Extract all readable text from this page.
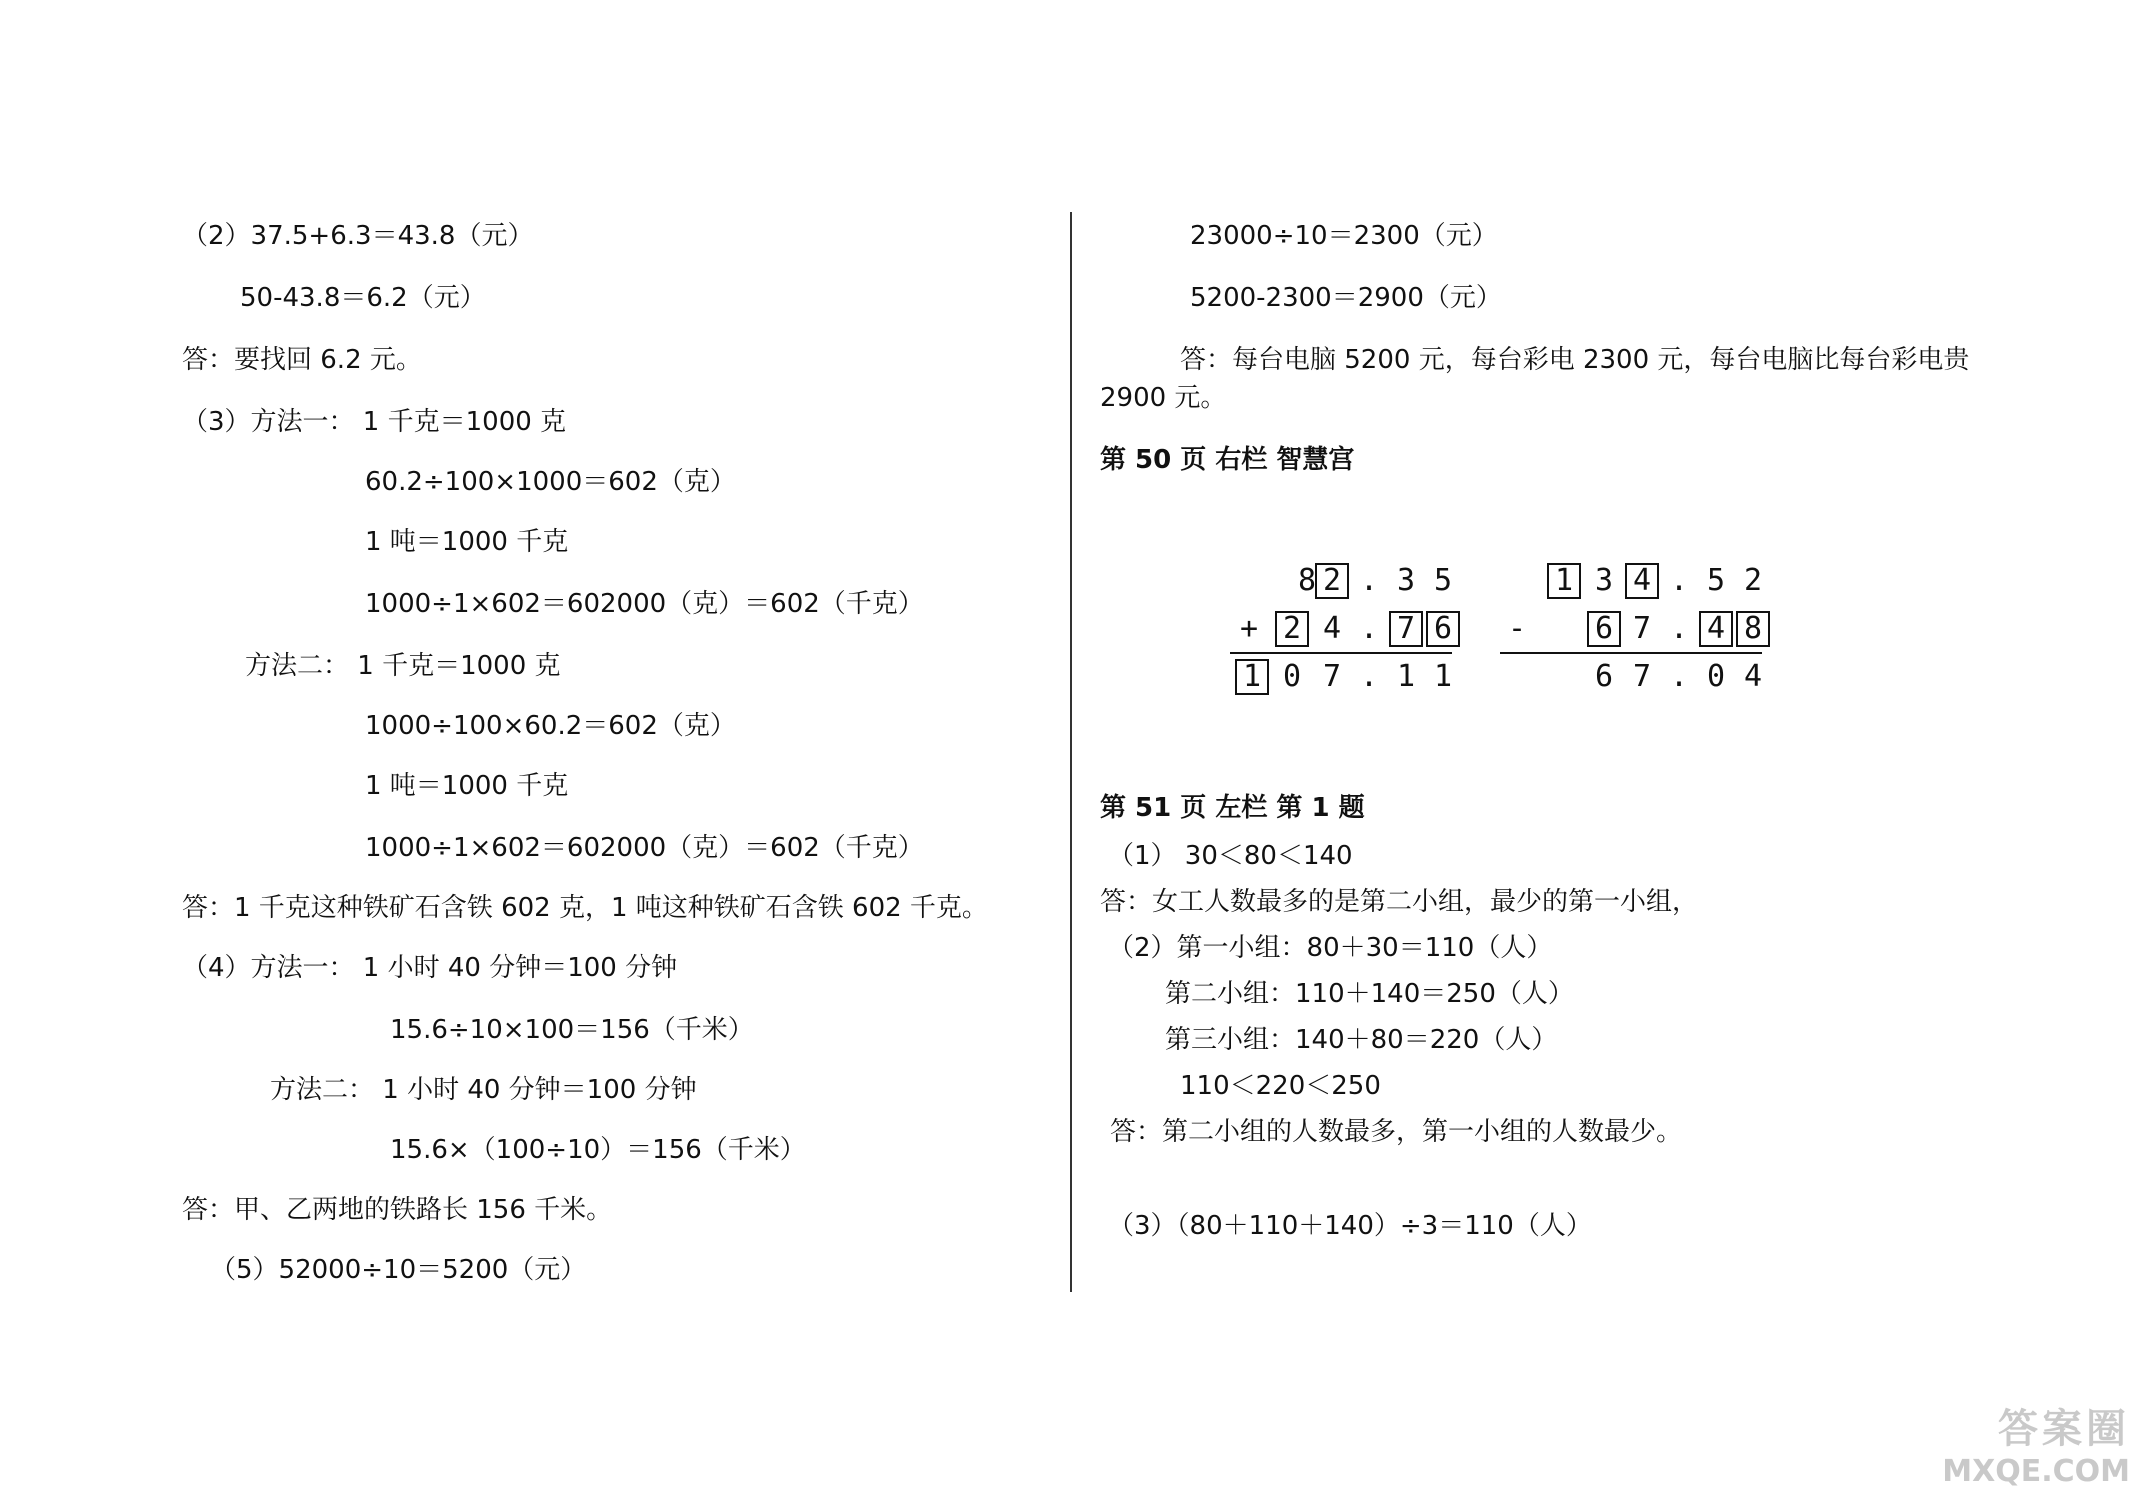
（2）37.5+6.3＝43.8（元）
50-43.8＝6.2（元）
答：要找回 6.2 元。
（3）方法一： 1 千克＝1000 克
60.2÷100×1000＝602（克）
1 吨＝1000 千克
1000÷1×602＝602000（克）＝602（千克）
方法二： 1 千克＝1000 克
1000÷100×60.2＝602（克）
1 吨＝1000 千克
1000÷1×602＝602000（克）＝602（千克）
答：1 千克这种铁矿石含铁 602 克，1 吨这种铁矿石含铁 602 千克。
（4）方法一： 1 小时 40 分钟＝100 分钟
15.6÷10×100＝156（千米）
方法二： 1 小时 40 分钟＝100 分钟
15.6×（100÷10）＝156（千米）
答：甲、乙两地的铁路长 156 千米。
（5）52000÷10＝5200（元）
23000÷10＝2300（元）
5200-2300＝2900（元）
答：每台电脑 5200 元，每台彩电 2300 元，每台电脑比每台彩电贵
2900 元。
第 50 页 右栏 智慧宫
8 2 . 3 5
+ 2 4 . 7 6
1 0 7 . 1 1
1 3 4 . 5 2
- 6 7 . 4 8
6 7 . 0 4
第 51 页 左栏 第 1 题
（1） 30＜80＜140
答：女工人数最多的是第二小组，最少的第一小组，
（2）第一小组：80＋30＝110（人）
第二小组：110＋140＝250（人）
第三小组：140＋80＝220（人）
110＜220＜250
答：第二小组的人数最多，第一小组的人数最少。
（3）（80＋110＋140）÷3＝110（人）
答案圈
MXQE.COM
